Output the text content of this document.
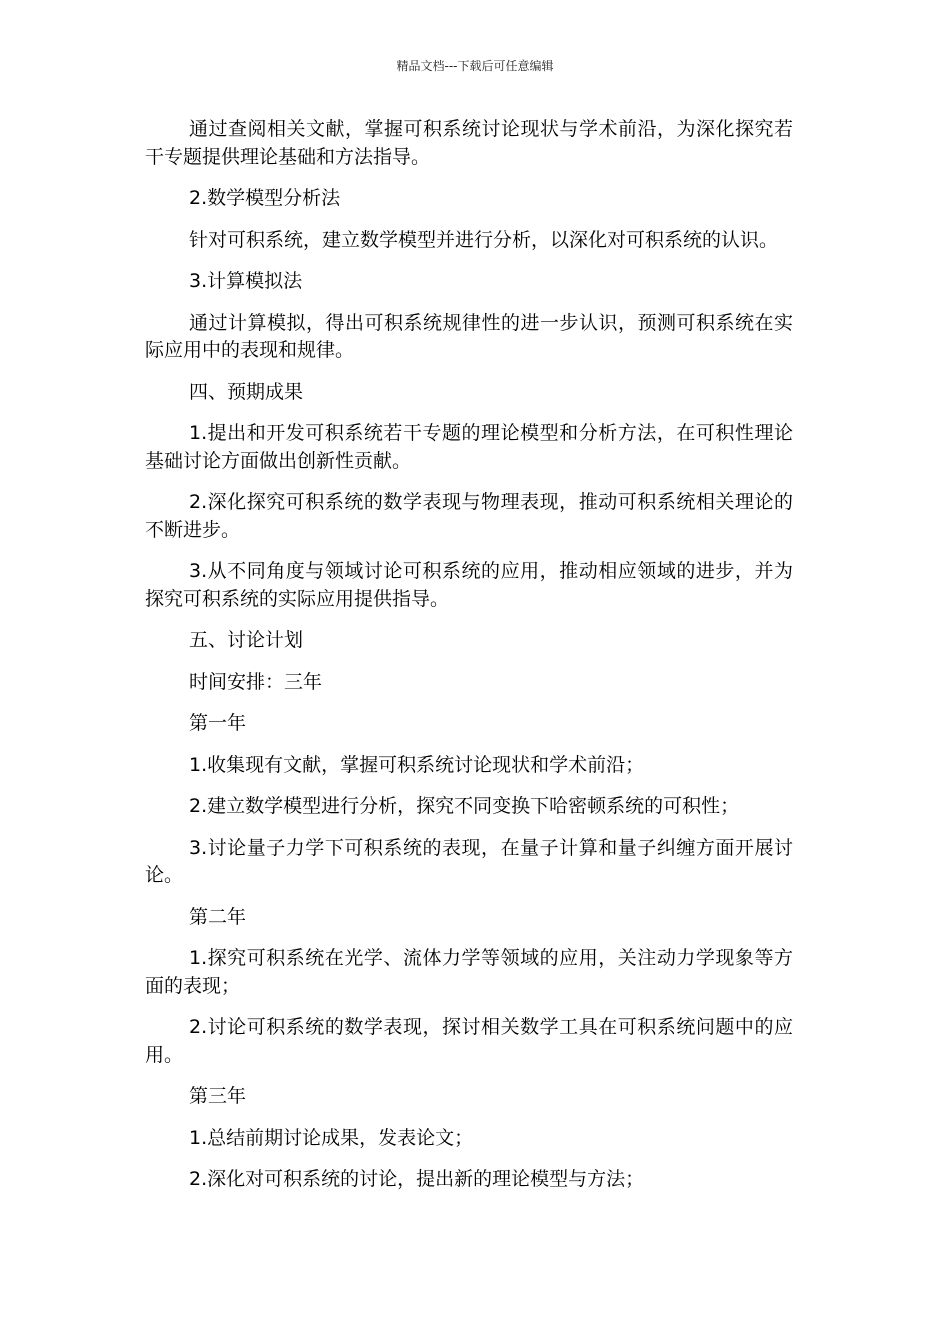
精品文档---下载后可任意编辑

通过查阅相关文献，掌握可积系统讨论现状与学术前沿，为深化探究若干专题提供理论基础和方法指导。

2.数学模型分析法

针对可积系统，建立数学模型并进行分析，以深化对可积系统的认识。

3.计算模拟法

通过计算模拟，得出可积系统规律性的进一步认识，预测可积系统在实际应用中的表现和规律。

四、预期成果

1.提出和开发可积系统若干专题的理论模型和分析方法，在可积性理论基础讨论方面做出创新性贡献。

2.深化探究可积系统的数学表现与物理表现，推动可积系统相关理论的不断进步。

3.从不同角度与领域讨论可积系统的应用，推动相应领域的进步，并为探究可积系统的实际应用提供指导。

五、讨论计划

时间安排：三年

第一年

1.收集现有文献，掌握可积系统讨论现状和学术前沿；

2.建立数学模型进行分析，探究不同变换下哈密顿系统的可积性；

3.讨论量子力学下可积系统的表现，在量子计算和量子纠缠方面开展讨论。

第二年

1.探究可积系统在光学、流体力学等领域的应用，关注动力学现象等方面的表现；

2.讨论可积系统的数学表现，探讨相关数学工具在可积系统问题中的应用。

第三年

1.总结前期讨论成果，发表论文；

2.深化对可积系统的讨论，提出新的理论模型与方法；
